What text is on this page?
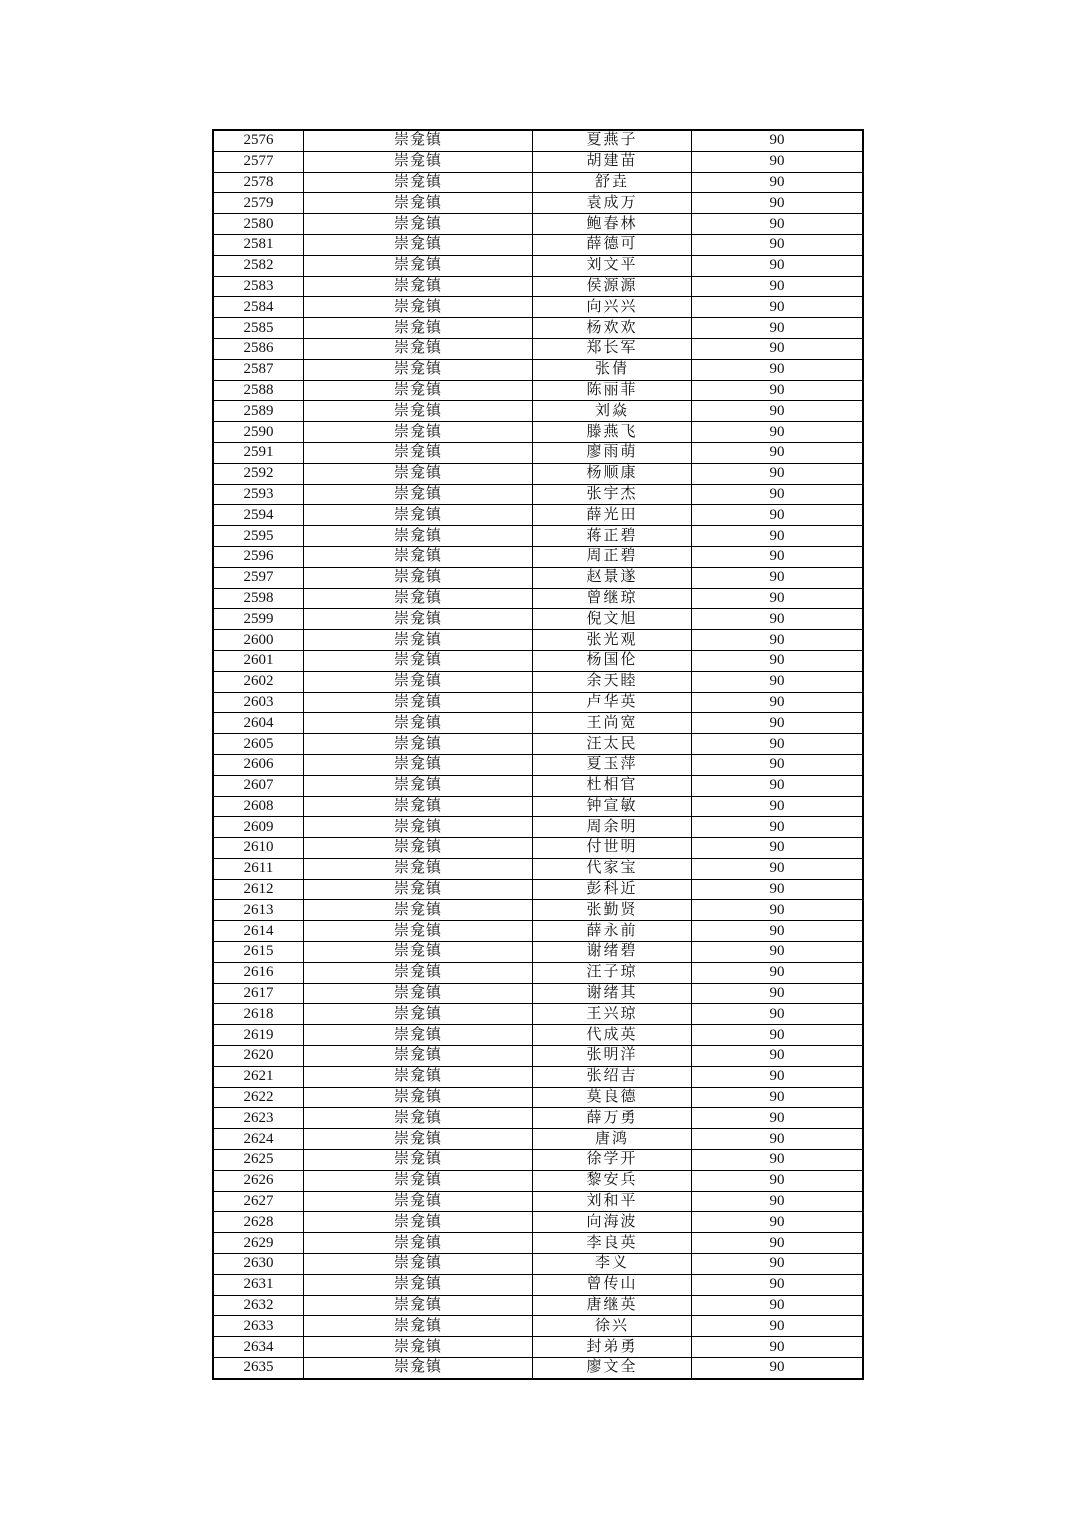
2576	崇龛镇	夏燕子	90
2577	崇龛镇	胡建苗	90
2578	崇龛镇	舒垚	90
2579	崇龛镇	袁成万	90
2580	崇龛镇	鲍春林	90
2581	崇龛镇	薛德可	90
2582	崇龛镇	刘文平	90
2583	崇龛镇	侯源源	90
2584	崇龛镇	向兴兴	90
2585	崇龛镇	杨欢欢	90
2586	崇龛镇	郑长军	90
2587	崇龛镇	张倩	90
2588	崇龛镇	陈丽菲	90
2589	崇龛镇	刘焱	90
2590	崇龛镇	滕燕飞	90
2591	崇龛镇	廖雨萌	90
2592	崇龛镇	杨顺康	90
2593	崇龛镇	张宇杰	90
2594	崇龛镇	薛光田	90
2595	崇龛镇	蒋正碧	90
2596	崇龛镇	周正碧	90
2597	崇龛镇	赵景遂	90
2598	崇龛镇	曾继琼	90
2599	崇龛镇	倪文旭	90
2600	崇龛镇	张光观	90
2601	崇龛镇	杨国伦	90
2602	崇龛镇	余天睦	90
2603	崇龛镇	卢华英	90
2604	崇龛镇	王尚宽	90
2605	崇龛镇	汪太民	90
2606	崇龛镇	夏玉萍	90
2607	崇龛镇	杜相官	90
2608	崇龛镇	钟宣敏	90
2609	崇龛镇	周余明	90
2610	崇龛镇	付世明	90
2611	崇龛镇	代家宝	90
2612	崇龛镇	彭科近	90
2613	崇龛镇	张勤贤	90
2614	崇龛镇	薛永前	90
2615	崇龛镇	谢绪碧	90
2616	崇龛镇	汪子琼	90
2617	崇龛镇	谢绪其	90
2618	崇龛镇	王兴琼	90
2619	崇龛镇	代成英	90
2620	崇龛镇	张明洋	90
2621	崇龛镇	张绍吉	90
2622	崇龛镇	莫良德	90
2623	崇龛镇	薛万勇	90
2624	崇龛镇	唐鸿	90
2625	崇龛镇	徐学开	90
2626	崇龛镇	黎安兵	90
2627	崇龛镇	刘和平	90
2628	崇龛镇	向海波	90
2629	崇龛镇	李良英	90
2630	崇龛镇	李义	90
2631	崇龛镇	曾传山	90
2632	崇龛镇	唐继英	90
2633	崇龛镇	徐兴	90
2634	崇龛镇	封弟勇	90
2635	崇龛镇	廖文全	90
